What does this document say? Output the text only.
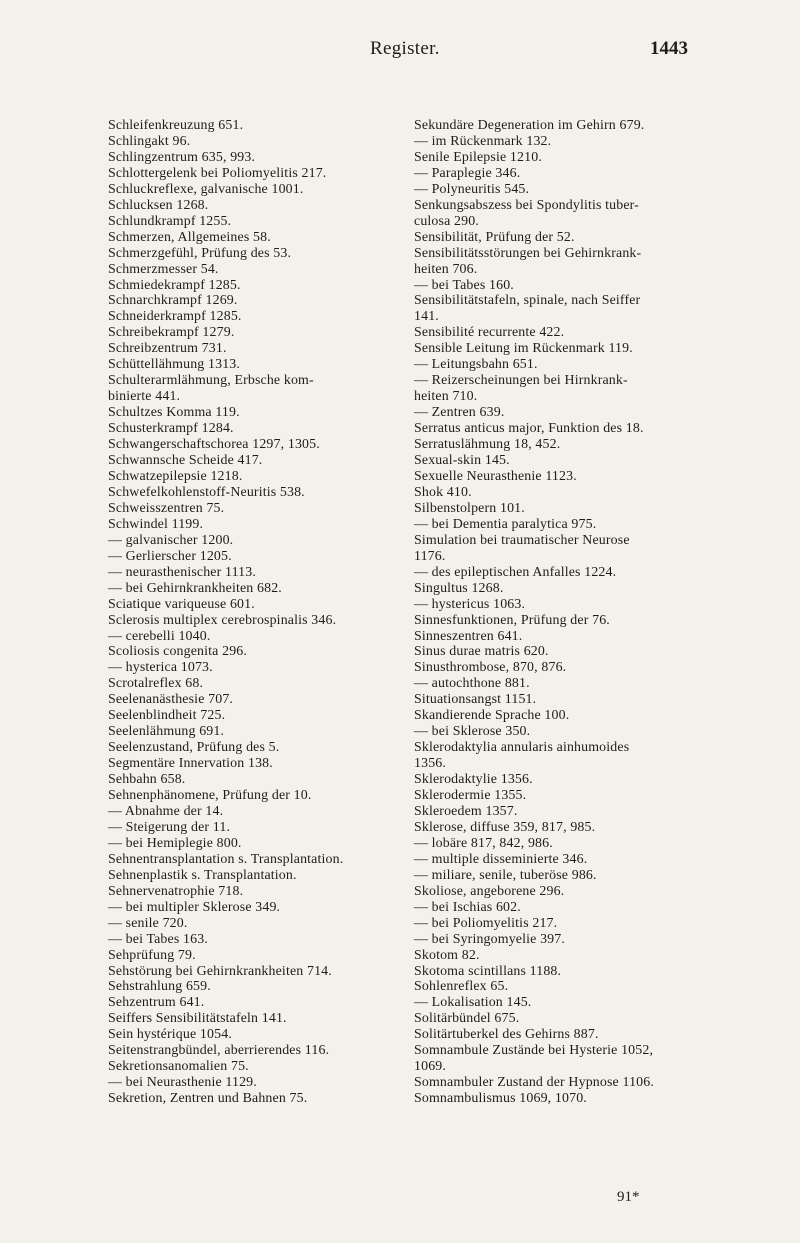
Register.	1443
Schleifenkreuzung 651.
Schlingakt 96.
Schlingzentrum 635, 993.
Schlottergelenk bei Poliomyelitis 217.
Schluckreflexe, galvanische 1001.
Schlucksen 1268.
Schlundkrampf 1255.
Schmerzen, Allgemeines 58.
Schmerzgefühl, Prüfung des 53.
Schmerzmesser 54.
Schmiedekrampf 1285.
Schnarchkrampf 1269.
Schneiderkrampf 1285.
Schreibekrampf 1279.
Schreibzentrum 731.
Schüttellähmung 1313.
Schulterarmlähmung, Erbsche kom-
binierte 441.
Schultzes Komma 119.
Schusterkrampf 1284.
Schwangerschaftschorea 1297, 1305.
Schwannsche Scheide 417.
Schwatzepilepsie 1218.
Schwefelkohlenstoff-Neuritis 538.
Schweisszentren 75.
Schwindel 1199.
— galvanischer 1200.
— Gerlierscher 1205.
— neurasthenischer 1113.
— bei Gehirnkrankheiten 682.
Sciatique variqueuse 601.
Sclerosis multiplex cerebrospinalis 346.
— cerebelli 1040.
Scoliosis congenita 296.
— hysterica 1073.
Scrotalreflex 68.
Seelenanästhesie 707.
Seelenblindheit 725.
Seelenlähmung 691.
Seelenzustand, Prüfung des 5.
Segmentäre Innervation 138.
Sehbahn 658.
Sehnenphänomene, Prüfung der 10.
— Abnahme der 14.
— Steigerung der 11.
— bei Hemiplegie 800.
Sehnentransplantation s. Transplantation.
Sehnenplastik s. Transplantation.
Sehnervenatrophie 718.
— bei multipler Sklerose 349.
— senile 720.
— bei Tabes 163.
Sehprüfung 79.
Sehstörung bei Gehirnkrankheiten 714.
Sehstrahlung 659.
Sehzentrum 641.
Seiffers Sensibilitätstafeln 141.
Sein hystérique 1054.
Seitenstrangbündel, aberrierendes 116.
Sekretionsanomalien 75.
— bei Neurasthenie 1129.
Sekretion, Zentren und Bahnen 75.
Sekundäre Degeneration im Gehirn 679.
— im Rückenmark 132.
Senile Epilepsie 1210.
— Paraplegie 346.
— Polyneuritis 545.
Senkungsabszess bei Spondylitis tuber-
culosa 290.
Sensibilität, Prüfung der 52.
Sensibilitätsstörungen bei Gehirnkrank-
heiten 706.
— bei Tabes 160.
Sensibilitätstafeln, spinale, nach Seiffer
141.
Sensibilité recurrente 422.
Sensible Leitung im Rückenmark 119.
— Leitungsbahn 651.
— Reizerscheinungen bei Hirnkrank-
heiten 710.
— Zentren 639.
Serratus anticus major, Funktion des 18.
Serratuslähmung 18, 452.
Sexual-skin 145.
Sexuelle Neurasthenie 1123.
Shok 410.
Silbenstolpern 101.
— bei Dementia paralytica 975.
Simulation bei traumatischer Neurose
1176.
— des epileptischen Anfalles 1224.
Singultus 1268.
— hystericus 1063.
Sinnesfunktionen, Prüfung der 76.
Sinneszentren 641.
Sinus durae matris 620.
Sinusthrombose, 870, 876.
— autochthone 881.
Situationsangst 1151.
Skandierende Sprache 100.
— bei Sklerose 350.
Sklerodaktylia annularis ainhumoides
1356.
Sklerodaktylie 1356.
Sklerodermie 1355.
Skleroedem 1357.
Sklerose, diffuse 359, 817, 985.
— lobäre 817, 842, 986.
— multiple disseminierte 346.
— miliare, senile, tuberöse 986.
Skoliose, angeborene 296.
— bei Ischias 602.
— bei Poliomyelitis 217.
— bei Syringomyelie 397.
Skotom 82.
Skotoma scintillans 1188.
Sohlenreflex 65.
— Lokalisation 145.
Solitärbündel 675.
Solitärtuberkel des Gehirns 887.
Somnambule Zustände bei Hysterie 1052,
1069.
Somnambuler Zustand der Hypnose 1106.
Somnambulismus 1069, 1070.
91*
